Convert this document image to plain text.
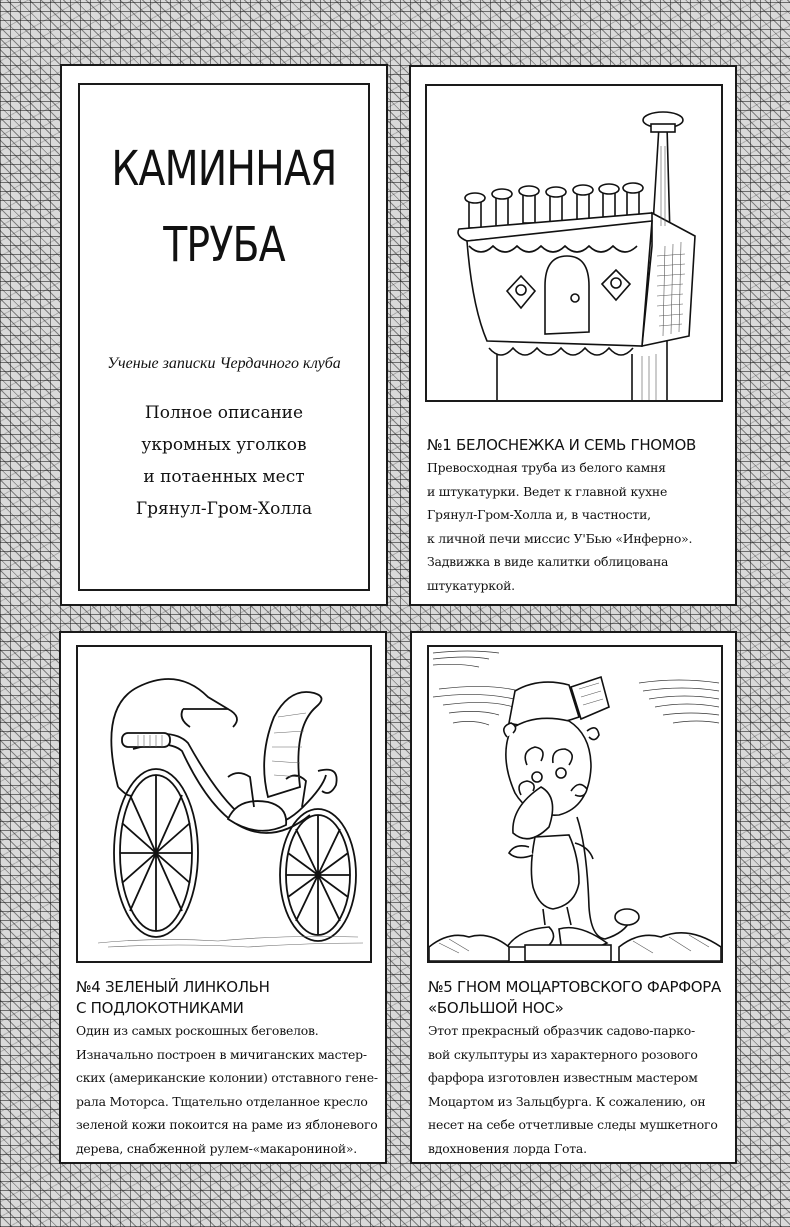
КАМИННАЯ
ТРУБА
Ученые записки Чердачного клуба
Полное описание
укромных уголков
и потаенных мест
Грянул-Гром-Холла
№1 БЕЛОСНЕЖКА И СЕМЬ ГНОМОВ
Превосходная труба из белого камня
и штукатурки. Ведет к главной кухне
Грянул-Гром-Холла и, в частности,
к личной печи миссис У'Бью «Инферно».
Задвижка в виде калитки облицована
штукатуркой.
№4 ЗЕЛЕНЫЙ ЛИНКОЛЬН
С ПОДЛОКОТНИКАМИ
Один из самых роскошных беговелов.
Изначально построен в мичиганских мастер-
ских (американские колонии) отставного гене-
рала Моторса. Тщательно отделанное кресло
зеленой кожи покоится на раме из яблоневого
дерева, снабженной рулем-«макарониной».
№5 ГНОМ МОЦАРТОВСКОГО ФАРФОРА
«БОЛЬШОЙ НОС»
Этот прекрасный образчик садово-парко-
вой скульптуры из характерного розового
фарфора изготовлен известным мастером
Моцартом из Зальцбурга. К сожалению, он
несет на себе отчетливые следы мушкетного
вдохновения лорда Гота.
